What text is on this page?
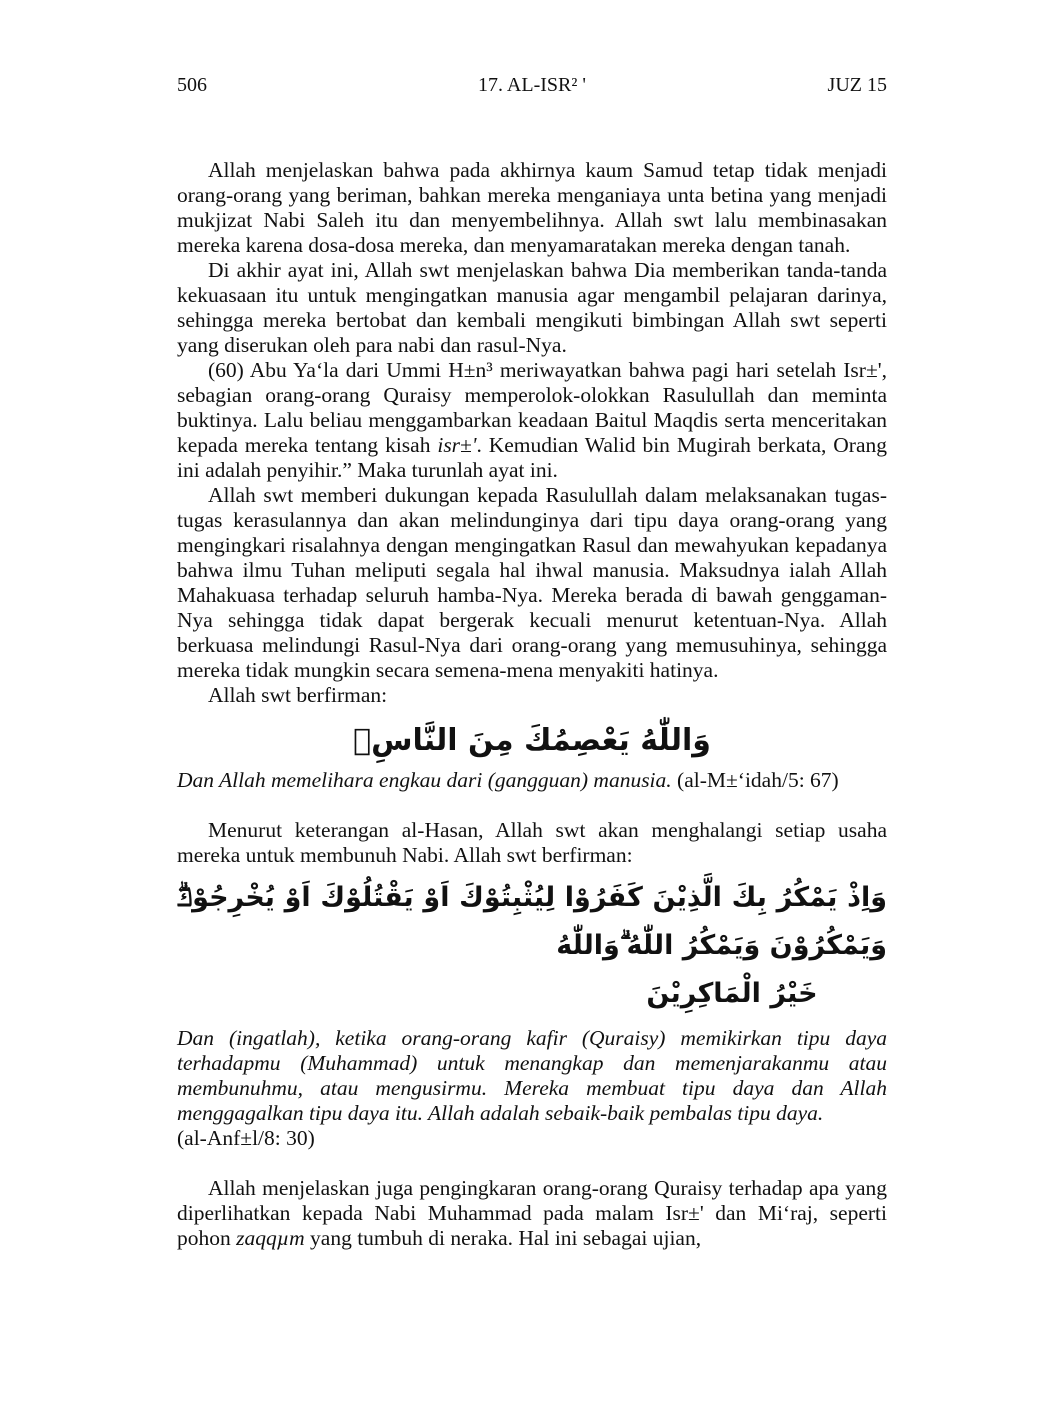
17. AL-ISR² '
506	JUZ 15

Allah menjelaskan bahwa pada akhirnya kaum Samud tetap tidak menjadi orang-orang yang beriman, bahkan mereka menganiaya unta betina yang menjadi mukjizat Nabi Saleh itu dan menyembelihnya. Allah swt lalu membinasakan mereka karena dosa-dosa mereka, dan menyamaratakan mereka dengan tanah.

Di akhir ayat ini, Allah swt menjelaskan bahwa Dia memberikan tanda-tanda kekuasaan itu untuk mengingatkan manusia agar mengambil pelajaran darinya, sehingga mereka bertobat dan kembali mengikuti bimbingan Allah swt seperti yang diserukan oleh para nabi dan rasul-Nya.

(60) Abu Ya‘la dari Ummi H±n³ meriwayatkan bahwa pagi hari setelah Isr±', sebagian orang-orang Quraisy memperolok-olokkan Rasulullah dan meminta buktinya. Lalu beliau menggambarkan keadaan Baitul Maqdis serta menceritakan kepada mereka tentang kisah isr±'. Kemudian Walid bin Mugirah berkata, Orang ini adalah penyihir.” Maka turunlah ayat ini.

Allah swt memberi dukungan kepada Rasulullah dalam melaksanakan tugas-tugas kerasulannya dan akan melindunginya dari tipu daya orang-orang yang mengingkari risalahnya dengan mengingatkan Rasul dan mewahyukan kepadanya bahwa ilmu Tuhan meliputi segala hal ihwal manusia. Maksudnya ialah Allah Mahakuasa terhadap seluruh hamba-Nya. Mereka berada di bawah genggaman-Nya sehingga tidak dapat bergerak kecuali menurut ketentuan-Nya. Allah berkuasa melindungi Rasul-Nya dari orang-orang yang memusuhinya, sehingga mereka tidak mungkin secara semena-mena menyakiti hatinya.

Allah swt berfirman:

وَاللّٰهُ يَعْصِمُكَ مِنَ النَّاسِۗ

Dan Allah memelihara engkau dari (gangguan) manusia. (al-M±‘idah/5: 67)

Menurut keterangan al-Hasan, Allah swt akan menghalangi setiap usaha mereka untuk membunuh Nabi. Allah swt berfirman:

وَاِذْ يَمْكُرُ بِكَ الَّذِيْنَ كَفَرُوْا لِيُثْبِتُوْكَ اَوْ يَقْتُلُوْكَ اَوْ يُخْرِجُوْكَۗ وَيَمْكُرُوْنَ وَيَمْكُرُ اللّٰهُ ۗوَاللّٰهُ
خَيْرُ الْمَاكِرِيْنَ

Dan (ingatlah), ketika orang-orang kafir (Quraisy) memikirkan tipu daya terhadapmu (Muhammad) untuk menangkap dan memenjarakanmu atau membunuhmu, atau mengusirmu. Mereka membuat tipu daya dan Allah menggagalkan tipu daya itu. Allah adalah sebaik-baik pembalas tipu daya.
(al-Anf±l/8: 30)

Allah menjelaskan juga pengingkaran orang-orang Quraisy terhadap apa yang diperlihatkan kepada Nabi Muhammad pada malam Isr±' dan Mi‘raj, seperti pohon zaqqµm yang tumbuh di neraka. Hal ini sebagai ujian,
